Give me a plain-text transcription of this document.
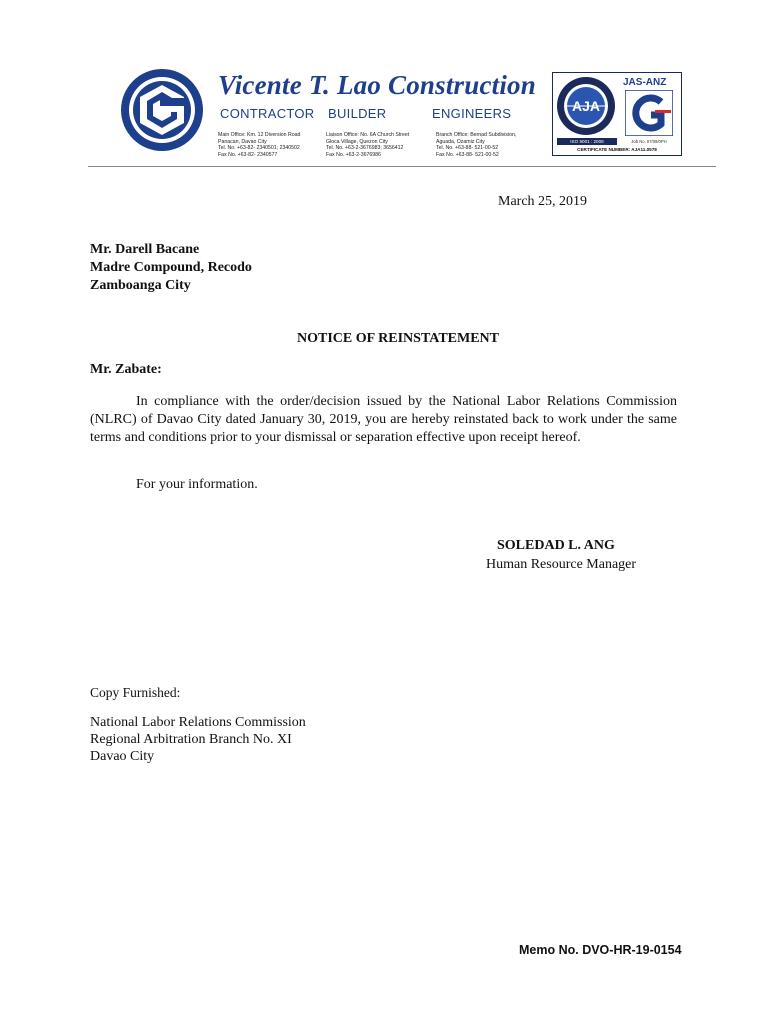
Vicente T. Lao Construction
CONTRACTOR BUILDER	ENGINEERS
Main Office: Km. 12 Diversion Road
Panacan, Davao City
Tel. No. +63-82- 2340501; 2340502
Fax No. +63-82- 2340577
Liaison Office: No. 6A Church Street
Gloca Village, Quezon City
Tel. No. +63-2-3676983; 3656412
Fax No. +63-2-3676986
Branch Office: Bernad Subdivision,
Aguada, Ozamiz City
Tel. No. +63-88- 521-00-52
Fax No. +63-88- 521-00-52
AJA
JAS-ANZ
ISO 9001 : 2008	Job No. 07/09/0PH
CERTIFICATE NUMBER: AJA11.0578
March 25, 2019
Mr. Darell Bacane
Madre Compound, Recodo
Zamboanga City
NOTICE OF REINSTATEMENT
Mr. Zabate:
In compliance with the order/decision issued by the National Labor Relations Commission (NLRC) of Davao City dated January 30, 2019, you are hereby reinstated back to work under the same terms and conditions prior to your dismissal or separation effective upon receipt hereof.
For your information.
SOLEDAD L. ANG
Human Resource Manager
Copy Furnished:
National Labor Relations Commission
Regional Arbitration Branch No. XI
Davao City
Memo No. DVO-HR-19-0154
